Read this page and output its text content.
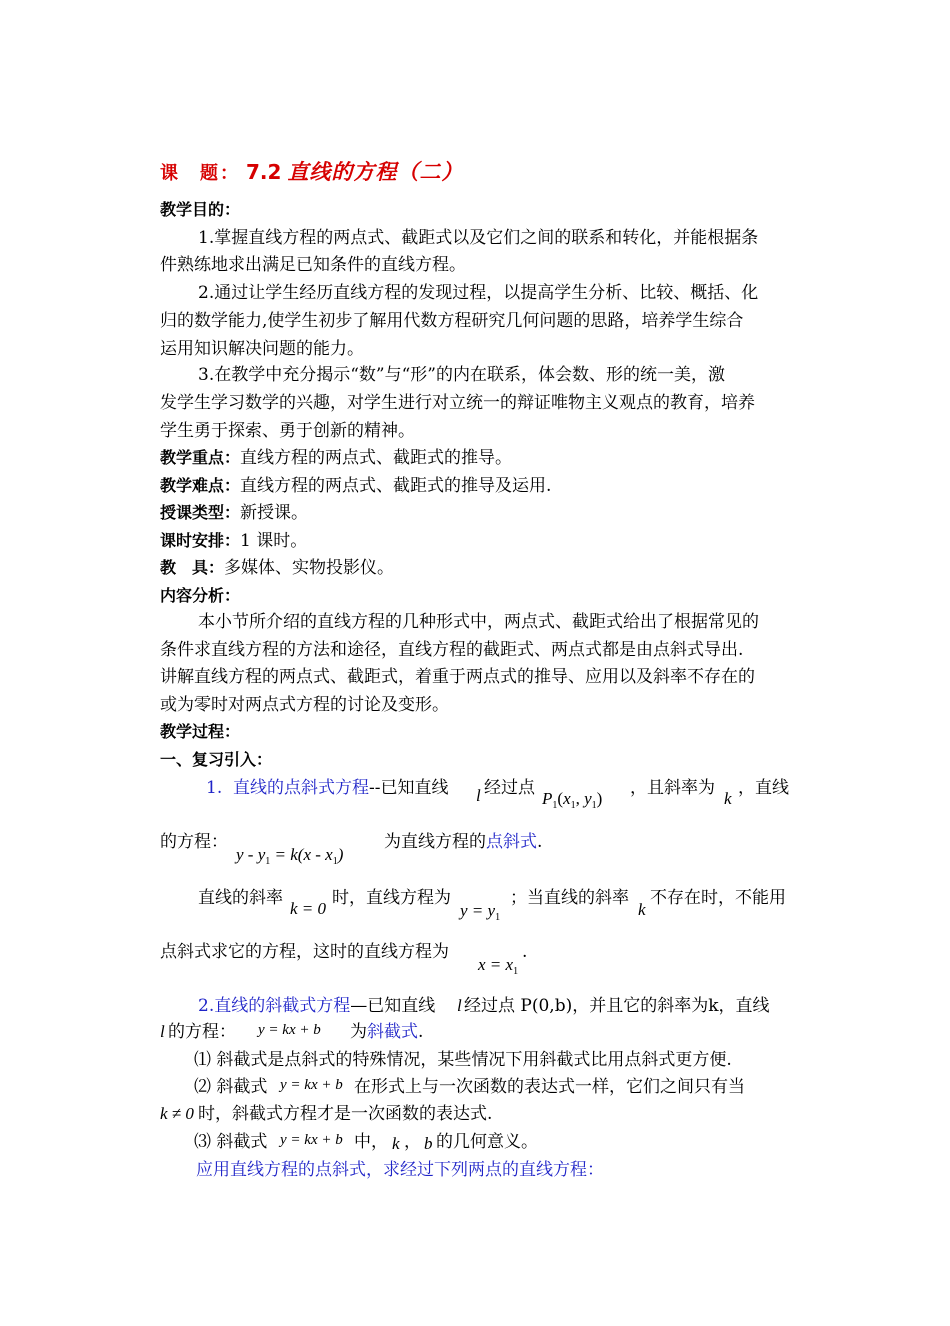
课　题： 7.2 直线的方程（二）
教学目的：
1.掌握直线方程的两点式、截距式以及它们之间的联系和转化，并能根据条
件熟练地求出满足已知条件的直线方程。
2.通过让学生经历直线方程的发现过程，以提高学生分析、比较、概括、化
归的数学能力,使学生初步了解用代数方程研究几何问题的思路，培养学生综合
运用知识解决问题的能力。
3.在教学中充分揭示“数”与“形”的内在联系，体会数、形的统一美，激
发学生学习数学的兴趣，对学生进行对立统一的辩证唯物主义观点的教育，培养
学生勇于探索、勇于创新的精神。
教学重点：直线方程的两点式、截距式的推导。
教学难点：直线方程的两点式、截距式的推导及运用.
授课类型：新授课。
课时安排：1 课时。
教　具：多媒体、实物投影仪。
内容分析：
本小节所介绍的直线方程的几种形式中，两点式、截距式给出了根据常见的
条件求直线方程的方法和途径，直线方程的截距式、两点式都是由点斜式导出.
讲解直线方程的两点式、截距式，着重于两点式的推导、应用以及斜率不存在的
或为零时对两点式方程的讨论及变形。
教学过程：
一、复习引入：
1. 直线的点斜式方程--已知直线 l 经过点
$P_1(x_1$, $y_1$)
，且斜率为
k
，直线
的方程：
$y - y_1 = k(x - x_1)$
为直线方程的点斜式.
直线的斜率
k = 0
时，直线方程为
$y = y_1$
；当直线的斜率
k
不存在时，不能用
点斜式求它的方程，这时的直线方程为
$x = x_1$
.
2.直线的斜截式方程—已知直线 l 经过点 P(0,b)，并且它的斜率为k，直线
l 的方程： y = kx + b 为斜截式.
⑴ 斜截式是点斜式的特殊情况，某些情况下用斜截式比用点斜式更方便.
⑵ 斜截式 y = kx + b 在形式上与一次函数的表达式一样，它们之间只有当
k ≠ 0 时，斜截式方程才是一次函数的表达式.
⑶ 斜截式 y = kx + b 中， k ， b 的几何意义。
应用直线方程的点斜式，求经过下列两点的直线方程：
